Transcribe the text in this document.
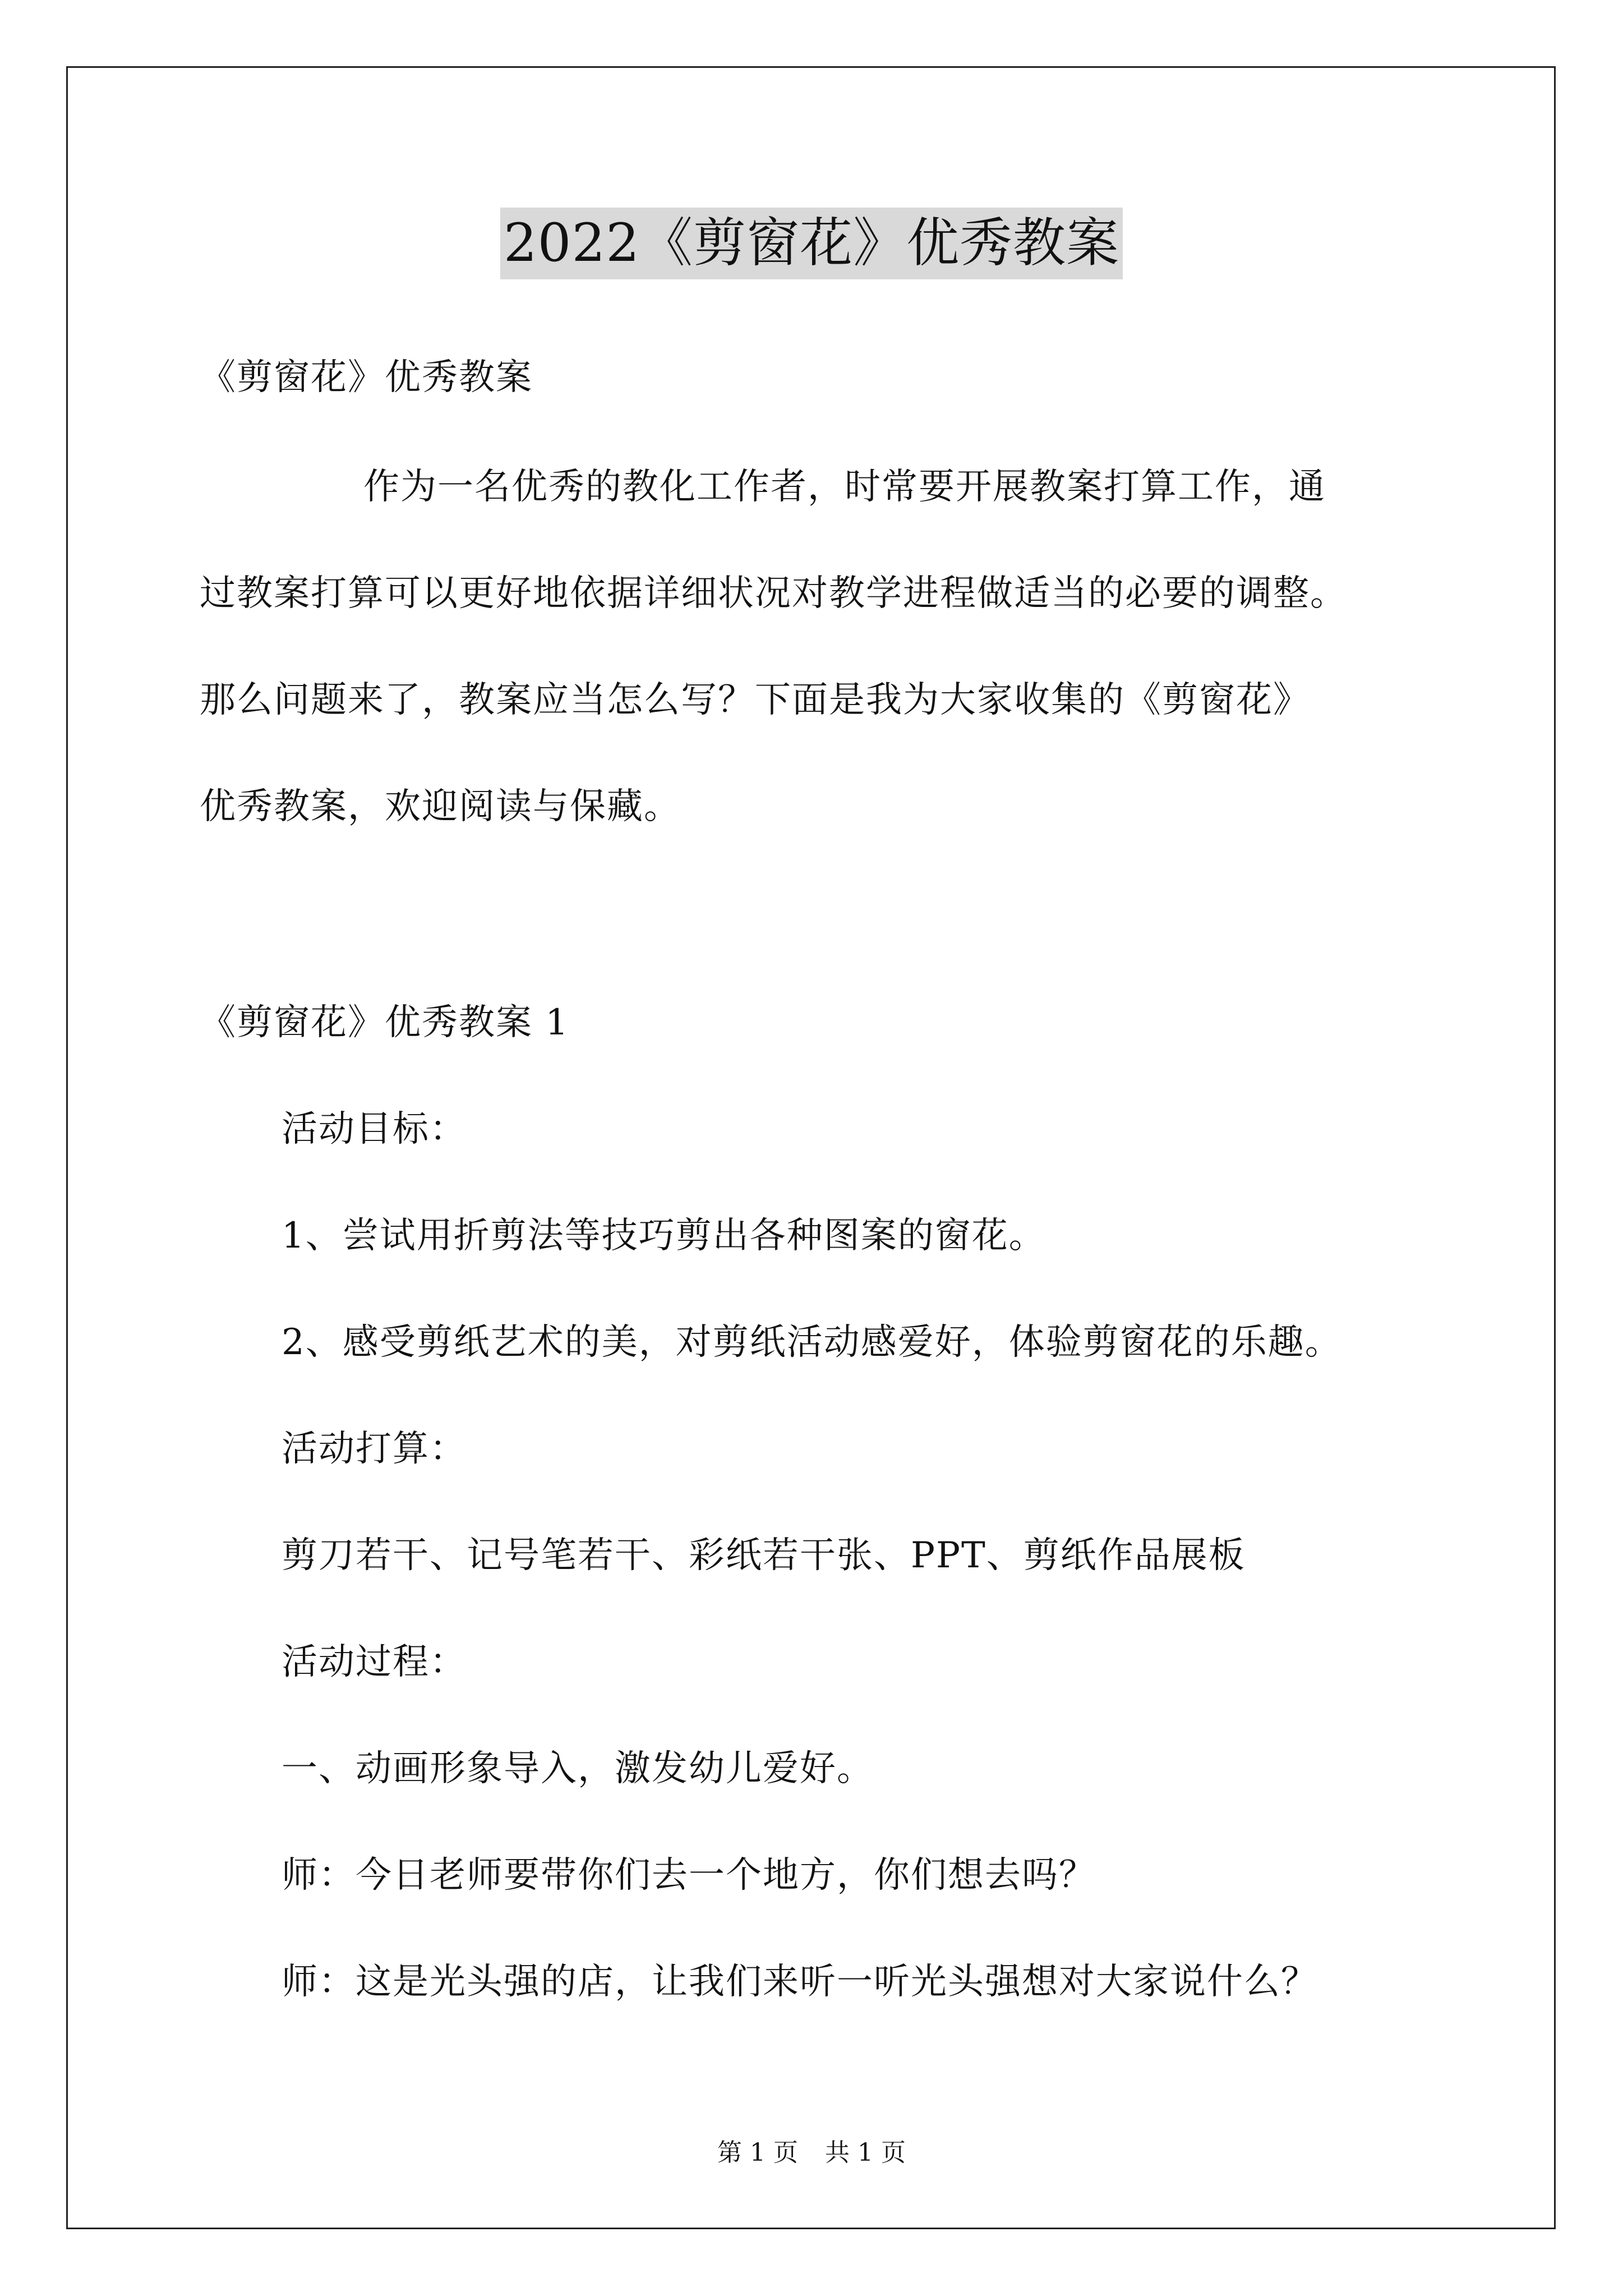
2022《剪窗花》优秀教案
《剪窗花》优秀教案
作为一名优秀的教化工作者，时常要开展教案打算工作，通
过教案打算可以更好地依据详细状况对教学进程做适当的必要的调整。
那么问题来了，教案应当怎么写？下面是我为大家收集的《剪窗花》
优秀教案，欢迎阅读与保藏。
《剪窗花》优秀教案 1
活动目标：
1、尝试用折剪法等技巧剪出各种图案的窗花。
2、感受剪纸艺术的美，对剪纸活动感爱好，体验剪窗花的乐趣。
活动打算：
剪刀若干、记号笔若干、彩纸若干张、PPT、剪纸作品展板
活动过程：
一、动画形象导入，激发幼儿爱好。
师：今日老师要带你们去一个地方，你们想去吗？
师：这是光头强的店，让我们来听一听光头强想对大家说什么？
第 1 页 共 1 页
